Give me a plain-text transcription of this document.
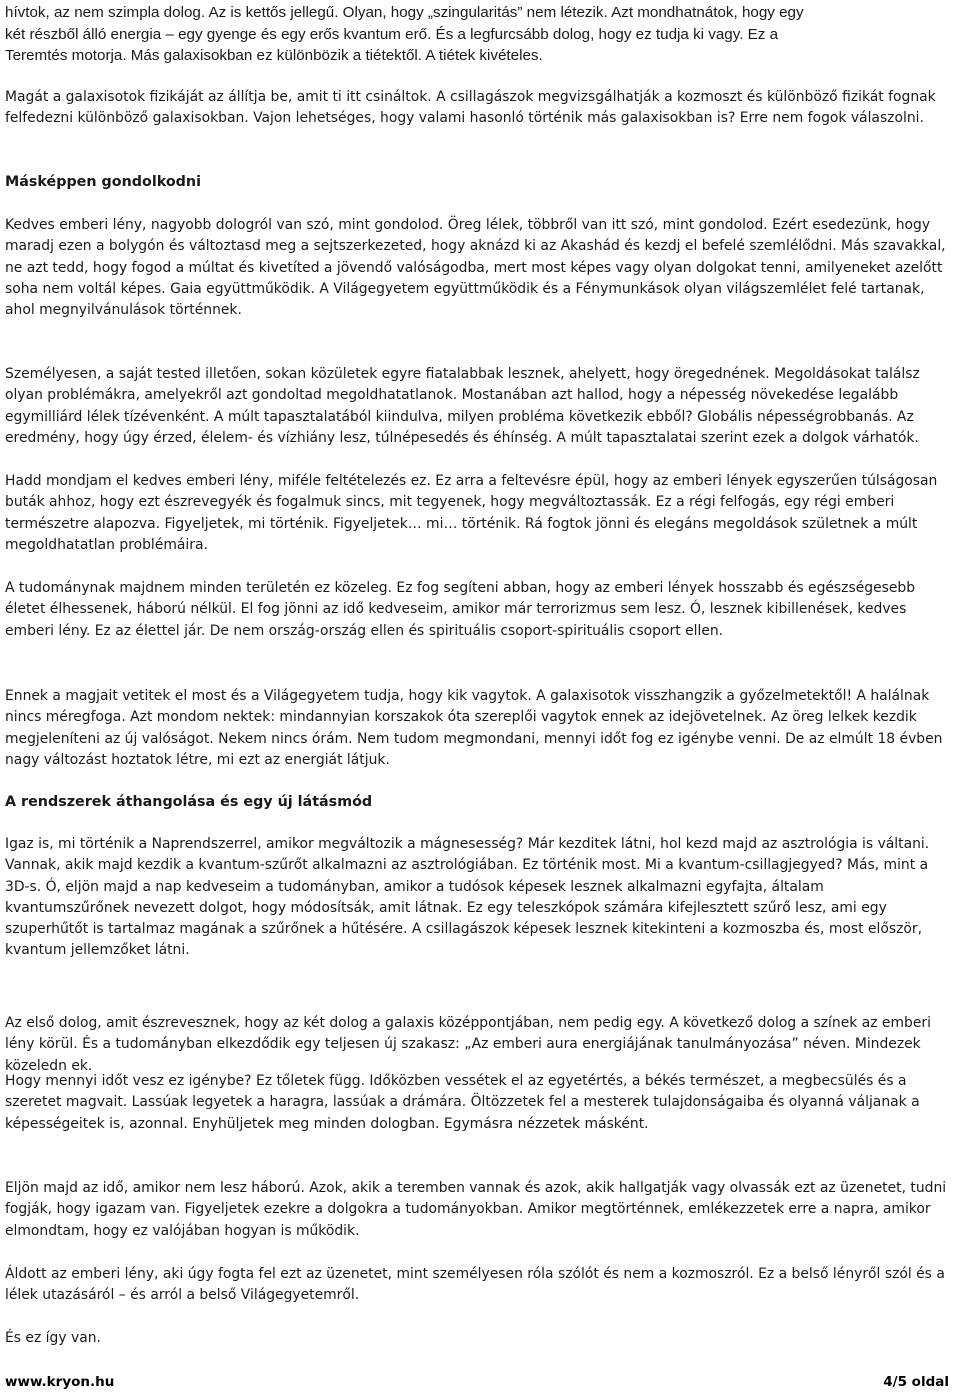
hívtok, az nem szimpla dolog. Az is kettős jellegű. Olyan, hogy „szingularitás” nem létezik. Azt mondhatnátok, hogy egy
két részből álló energia – egy gyenge és egy erős kvantum erő. És a legfurcsább dolog, hogy ez tudja ki vagy. Ez a
Teremtés motorja. Más galaxisokban ez különbözik a tiétektől. A tiétek kivételes.

Magát a galaxisotok fizikáját az állítja be, amit ti itt csináltok. A csillagászok megvizsgálhatják a kozmoszt és különböző fizikát fognak felfedezni különböző galaxisokban. Vajon lehetséges, hogy valami hasonló történik más galaxisokban is? Erre nem fogok válaszolni.

Másképpen gondolkodni

Kedves emberi lény, nagyobb dologról van szó, mint gondolod. Öreg lélek, többről van itt szó, mint gondolod. Ezért esedezünk, hogy maradj ezen a bolygón és változtasd meg a sejtszerkezeted, hogy aknázd ki az Akashád és kezdj el befelé szemlélődni. Más szavakkal, ne azt tedd, hogy fogod a múltat és kivetíted a jövendő valóságodba, mert most képes vagy olyan dolgokat tenni, amilyeneket azelőtt soha nem voltál képes. Gaia együttműködik. A Világegyetem együttműködik és a Fénymunkások olyan világszemlélet felé tartanak, ahol megnyilvánulások történnek.

Személyesen, a saját tested illetően, sokan közületek egyre fiatalabbak lesznek, ahelyett, hogy öregednének. Megoldásokat találsz olyan problémákra, amelyekről azt gondoltad megoldhatatlanok. Mostanában azt hallod, hogy a népesség növekedése legalább egymilliárd lélek tízévenként. A múlt tapasztalatából kiindulva, milyen probléma következik ebből? Globális népességrobbanás. Az eredmény, hogy úgy érzed, élelem- és vízhiány lesz, túlnépesedés és éhínség. A múlt tapasztalatai szerint ezek a dolgok várhatók.

Hadd mondjam el kedves emberi lény, miféle feltételezés ez. Ez arra a feltevésre épül, hogy az emberi lények egyszerűen túlságosan buták ahhoz, hogy ezt észrevegyék és fogalmuk sincs, mit tegyenek, hogy megváltoztassák. Ez a régi felfogás, egy régi emberi természetre alapozva. Figyeljetek, mi történik. Figyeljetek… mi… történik. Rá fogtok jönni és elegáns megoldások születnek a múlt megoldhatatlan problémáira.

A tudománynak majdnem minden területén ez közeleg. Ez fog segíteni abban, hogy az emberi lények hosszabb és egészségesebb életet élhessenek, háború nélkül. El fog jönni az idő kedveseim, amikor már terrorizmus sem lesz. Ó, lesznek kibillenések, kedves emberi lény. Ez az élettel jár. De nem ország-ország ellen és spirituális csoport-spirituális csoport ellen.

Ennek a magjait vetitek el most és a Világegyetem tudja, hogy kik vagytok. A galaxisotok visszhangzik a győzelmetektől! A halálnak nincs méregfoga. Azt mondom nektek: mindannyian korszakok óta szereplői vagytok ennek az idejövetelnek. Az öreg lelkek kezdik megjeleníteni az új valóságot. Nekem nincs órám. Nem tudom megmondani, mennyi időt fog ez igénybe venni. De az elmúlt 18 évben nagy változást hoztatok létre, mi ezt az energiát látjuk.

A rendszerek áthangolása és egy új látásmód

Igaz is, mi történik a Naprendszerrel, amikor megváltozik a mágnesesség? Már kezditek látni, hol kezd majd az asztrológia is váltani. Vannak, akik majd kezdik a kvantum-szűrőt alkalmazni az asztrológiában. Ez történik most. Mi a kvantum-csillagjegyed? Más, mint a 3D-s. Ó, eljön majd a nap kedveseim a tudományban, amikor a tudósok képesek lesznek alkalmazni egyfajta, általam kvantumszűrőnek nevezett dolgot, hogy módosítsák, amit látnak. Ez egy teleszkópok számára kifejlesztett szűrő lesz, ami egy szuperhűtőt is tartalmaz magának a szűrőnek a hűtésére. A csillagászok képesek lesznek kitekinteni a kozmoszba és, most először, kvantum jellemzőket látni.

Az első dolog, amit észrevesznek, hogy az két dolog a galaxis középpontjában, nem pedig egy. A következő dolog a színek az emberi lény körül. És a tudományban elkezdődik egy teljesen új szakasz: „Az emberi aura energiájának tanulmányozása” néven. Mindezek közeledn ek.

Hogy mennyi időt vesz ez igénybe? Ez tőletek függ. Időközben vessétek el az egyetértés, a békés természet, a megbecsülés és a szeretet magvait. Lassúak legyetek a haragra, lassúak a drámára. Öltözzetek fel a mesterek tulajdonságaiba és olyanná váljanak a képességeitek is, azonnal. Enyhüljetek meg minden dologban. Egymásra nézzetek másként.

Eljön majd az idő, amikor nem lesz háború. Azok, akik a teremben vannak és azok, akik hallgatják vagy olvassák ezt az üzenetet, tudni fogják, hogy igazam van. Figyeljetek ezekre a dolgokra a tudományokban. Amikor megtörténnek, emlékezzetek erre a napra, amikor elmondtam, hogy ez valójában hogyan is működik.

Áldott az emberi lény, aki úgy fogta fel ezt az üzenetet, mint személyesen róla szólót és nem a kozmoszról. Ez a belső lényről szól és a lélek utazásáról – és arról a belső Világegyetemről.

És ez így van.

www.kryon.hu	4/5 oldal
